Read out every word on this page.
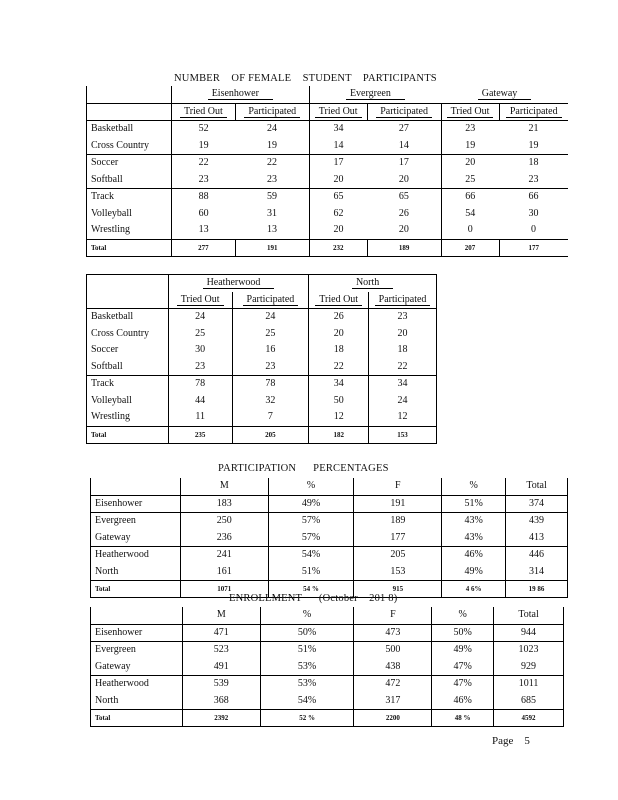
NUMBER    OF FEMALE    STUDENT    PARTICIPANTS
	Eisenhower		Evergreen		Gateway	
	Tried Out	Participated	Tried Out	Participated	Tried Out	Participated
Basketball	52	24	34	27	23	21
Cross Country	19	19	14	14	19	19
Soccer	22	22	17	17	20	18
Softball	23	23	20	20	25	23
Track	88	59	65	65	66	66
Volleyball	60	31	62	26	54	30
Wrestling	13	13	20	20	0	0
Total	277	191	232	189	207	177
	Heatherwood		North	
	Tried Out	Participated	Tried Out	Participated
Basketball	24	24	26	23
Cross Country	25	25	20	20
Soccer	30	16	18	18
Softball	23	23	22	22
Track	78	78	34	34
Volleyball	44	32	50	24
Wrestling	11	7	12	12
Total	235	205	182	153
PARTICIPATION      PERCENTAGES
	M	%	F	%	Total
Eisenhower	183	49%	191	51%	374
Evergreen	250	57%	189	43%	439
Gateway	236	57%	177	43%	413
Heatherwood	241	54%	205	46%	446
North	161	51%	153	49%	314
Total	1071	54 %	915	4 6%	19 86
ENROLLMENT      (October    201 8)
	M	%	F	%	Total
Eisenhower	471	50%	473	50%	944
Evergreen	523	51%	500	49%	1023
Gateway	491	53%	438	47%	929
Heatherwood	539	53%	472	47%	1011
North	368	54%	317	46%	685
Total	2392	52 %	2200	48 %	4592
Page    5
